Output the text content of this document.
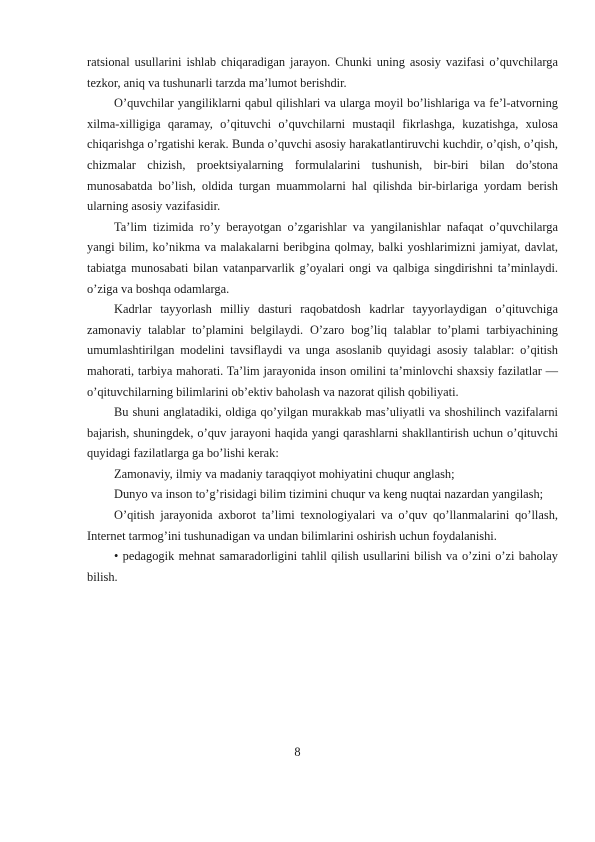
ratsional usullarini ishlab chiqaradigan jarayon. Chunki uning asosiy vazifasi o’quvchilarga tezkor, aniq va tushunarli tarzda ma’lumot berishdir.

O’quvchilar yangiliklarni qabul qilishlari va ularga moyil bo’lishlariga va fe’l-atvorning xilma-xilligiga qaramay, o’qituvchi o’quvchilarni mustaqil fikrlashga, kuzatishga, xulosa chiqarishga o’rgatishi kerak. Bunda o’quvchi asosiy harakatlantiruvchi kuchdir, o’qish, o’qish, chizmalar chizish, proektsiyalarning formulalarini tushunish, bir-biri bilan do’stona munosabatda bo’lish, oldida turgan muammolarni hal qilishda bir-birlariga yordam berish ularning asosiy vazifasidir.

Ta’lim tizimida ro’y berayotgan o’zgarishlar va yangilanishlar nafaqat o’quvchilarga yangi bilim, ko’nikma va malakalarni beribgina qolmay, balki yoshlarimizni jamiyat, davlat, tabiatga munosabati bilan vatanparvarlik g’oyalari ongi va qalbiga singdirishni ta’minlaydi. o’ziga va boshqa odamlarga.

Kadrlar tayyorlash milliy dasturi raqobatdosh kadrlar tayyorlaydigan o’qituvchiga zamonaviy talablar to’plamini belgilaydi. O’zaro bog’liq talablar to’plami tarbiyachining umumlashtirilgan modelini tavsiflaydi va unga asoslanib quyidagi asosiy talablar: o’qitish mahorati, tarbiya mahorati. Ta’lim jarayonida inson omilini ta’minlovchi shaxsiy fazilatlar — o’qituvchilarning bilimlarini ob’ektiv baholash va nazorat qilish qobiliyati.

Bu shuni anglatadiki, oldiga qo’yilgan murakkab mas’uliyatli va shoshilinch vazifalarni bajarish, shuningdek, o’quv jarayoni haqida yangi qarashlarni shakllantirish uchun o’qituvchi quyidagi fazilatlarga ga bo’lishi kerak:

Zamonaviy, ilmiy va madaniy taraqqiyot mohiyatini chuqur anglash;

Dunyo va inson to’g’risidagi bilim tizimini chuqur va keng nuqtai nazardan yangilash;

O’qitish jarayonida axborot ta’limi texnologiyalari va o’quv qo’llanmalarini qo’llash, Internet tarmog’ini tushunadigan va undan bilimlarini oshirish uchun foydalanishi.

• pedagogik mehnat samaradorligini tahlil qilish usullarini bilish va o’zini o’zi baholay bilish.

8
